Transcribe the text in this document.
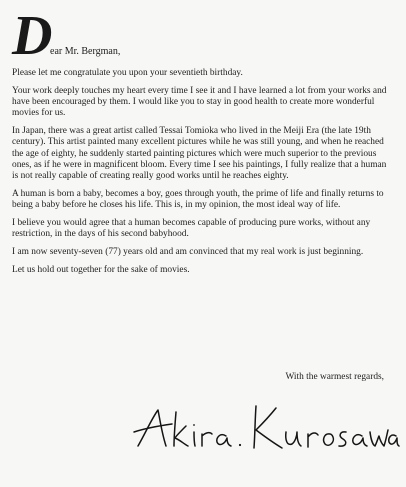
D
ear Mr. Bergman,

Please let me congratulate you upon your seventieth birthday.

Your work deeply touches my heart every time I see it and I have learned a lot from your works and have been encouraged by them. I would like you to stay in good health to create more wonderful movies for us.

In Japan, there was a great artist called Tessai Tomioka who lived in the Meiji Era (the late 19th century). This artist painted many excellent pictures while he was still young, and when he reached the age of eighty, he suddenly started painting pictures which were much superior to the previous ones, as if he were in magnificent bloom. Every time I see his paintings, I fully realize that a human is not really capable of creating really good works until he reaches eighty.

A human is born a baby, becomes a boy, goes through youth, the prime of life and finally returns to being a baby before he closes his life. This is, in my opinion, the most ideal way of life.

I believe you would agree that a human becomes capable of producing pure works, without any restriction, in the days of his second babyhood.

I am now seventy-seven (77) years old and am convinced that my real work is just beginning.

Let us hold out together for the sake of movies.

With the warmest regards,
